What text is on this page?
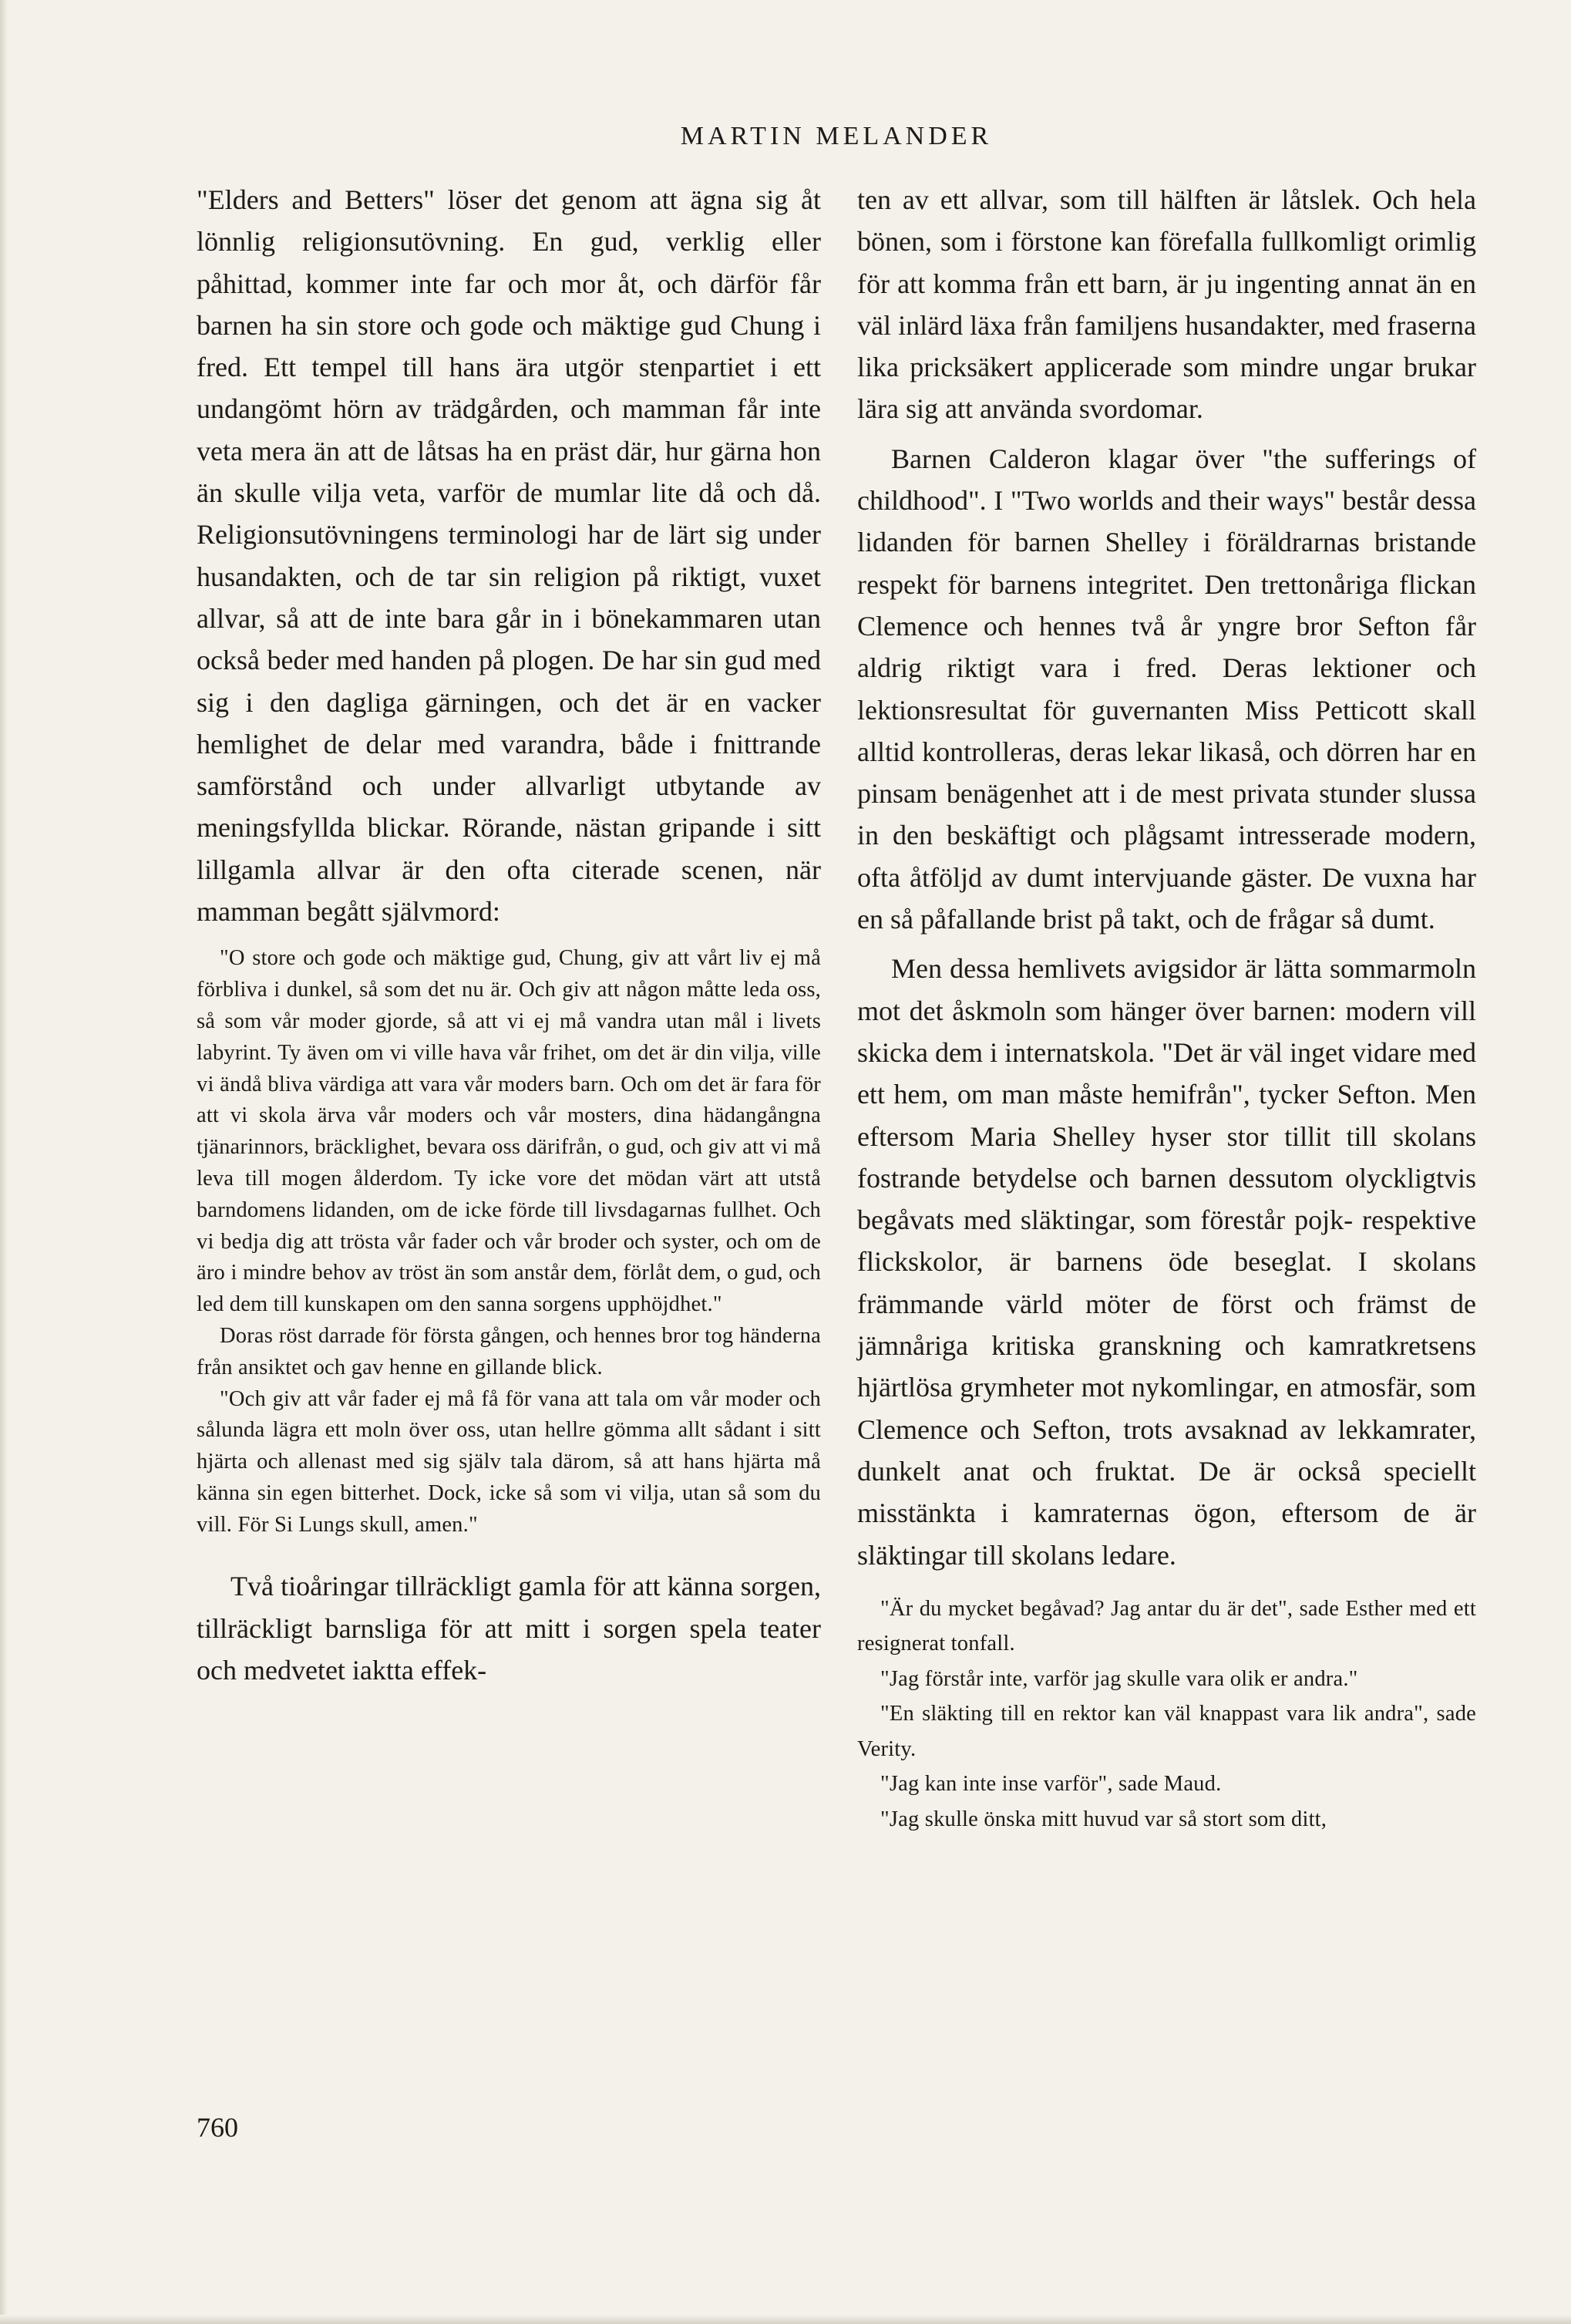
MARTIN MELANDER

"Elders and Betters" löser det genom att ägna sig åt lönnlig religionsutövning. En gud, verklig eller påhittad, kommer inte far och mor åt, och därför får barnen ha sin store och gode och mäktige gud Chung i fred. Ett tempel till hans ära utgör stenpartiet i ett undangömt hörn av trädgården, och mamman får inte veta mera än att de låtsas ha en präst där, hur gärna hon än skulle vilja veta, varför de mumlar lite då och då. Religionsutövningens terminologi har de lärt sig under husandakten, och de tar sin religion på riktigt, vuxet allvar, så att de inte bara går in i bönekammaren utan också beder med handen på plogen. De har sin gud med sig i den dagliga gärningen, och det är en vacker hemlighet de delar med varandra, både i fnittrande samförstånd och under allvarligt utbytande av meningsfyllda blickar. Rörande, nästan gripande i sitt lillgamla allvar är den ofta citerade scenen, när mamman begått självmord:

"O store och gode och mäktige gud, Chung, giv att vårt liv ej må förbliva i dunkel, så som det nu är. Och giv att någon måtte leda oss, så som vår moder gjorde, så att vi ej må vandra utan mål i livets labyrint. Ty även om vi ville hava vår frihet, om det är din vilja, ville vi ändå bliva värdiga att vara vår moders barn. Och om det är fara för att vi skola ärva vår moders och vår mosters, dina hädangångna tjänarinnors, bräcklighet, bevara oss därifrån, o gud, och giv att vi må leva till mogen ålderdom. Ty icke vore det mödan värt att utstå barndomens lidanden, om de icke förde till livsdagarnas fullhet. Och vi bedja dig att trösta vår fader och vår broder och syster, och om de äro i mindre behov av tröst än som anstår dem, förlåt dem, o gud, och led dem till kunskapen om den sanna sorgens upphöjdhet."

Doras röst darrade för första gången, och hennes bror tog händerna från ansiktet och gav henne en gillande blick.

"Och giv att vår fader ej må få för vana att tala om vår moder och sålunda lägra ett moln över oss, utan hellre gömma allt sådant i sitt hjärta och allenast med sig själv tala därom, så att hans hjärta må känna sin egen bitterhet. Dock, icke så som vi vilja, utan så som du vill. För Si Lungs skull, amen."

Två tioåringar tillräckligt gamla för att känna sorgen, tillräckligt barnsliga för att mitt i sorgen spela teater och medvetet iaktta effek-

ten av ett allvar, som till hälften är låtslek. Och hela bönen, som i förstone kan förefalla fullkomligt orimlig för att komma från ett barn, är ju ingenting annat än en väl inlärd läxa från familjens husandakter, med fraserna lika pricksäkert applicerade som mindre ungar brukar lära sig att använda svordomar.

Barnen Calderon klagar över "the sufferings of childhood". I "Two worlds and their ways" består dessa lidanden för barnen Shelley i föräldrarnas bristande respekt för barnens integritet. Den trettonåriga flickan Clemence och hennes två år yngre bror Sefton får aldrig riktigt vara i fred. Deras lektioner och lektionsresultat för guvernanten Miss Petticott skall alltid kontrolleras, deras lekar likaså, och dörren har en pinsam benägenhet att i de mest privata stunder slussa in den beskäftigt och plågsamt intresserade modern, ofta åtföljd av dumt intervjuande gäster. De vuxna har en så påfallande brist på takt, och de frågar så dumt.

Men dessa hemlivets avigsidor är lätta sommarmoln mot det åskmoln som hänger över barnen: modern vill skicka dem i internatskola. "Det är väl inget vidare med ett hem, om man måste hemifrån", tycker Sefton. Men eftersom Maria Shelley hyser stor tillit till skolans fostrande betydelse och barnen dessutom olyckligtvis begåvats med släktingar, som förestår pojk- respektive flickskolor, är barnens öde beseglat. I skolans främmande värld möter de först och främst de jämnåriga kritiska granskning och kamratkretsens hjärtlösa grymheter mot nykomlingar, en atmosfär, som Clemence och Sefton, trots avsaknad av lekkamrater, dunkelt anat och fruktat. De är också speciellt misstänkta i kamraternas ögon, eftersom de är släktingar till skolans ledare.

"Är du mycket begåvad? Jag antar du är det", sade Esther med ett resignerat tonfall.

"Jag förstår inte, varför jag skulle vara olik er andra."

"En släkting till en rektor kan väl knappast vara lik andra", sade Verity.

"Jag kan inte inse varför", sade Maud.

"Jag skulle önska mitt huvud var så stort som ditt,

760
